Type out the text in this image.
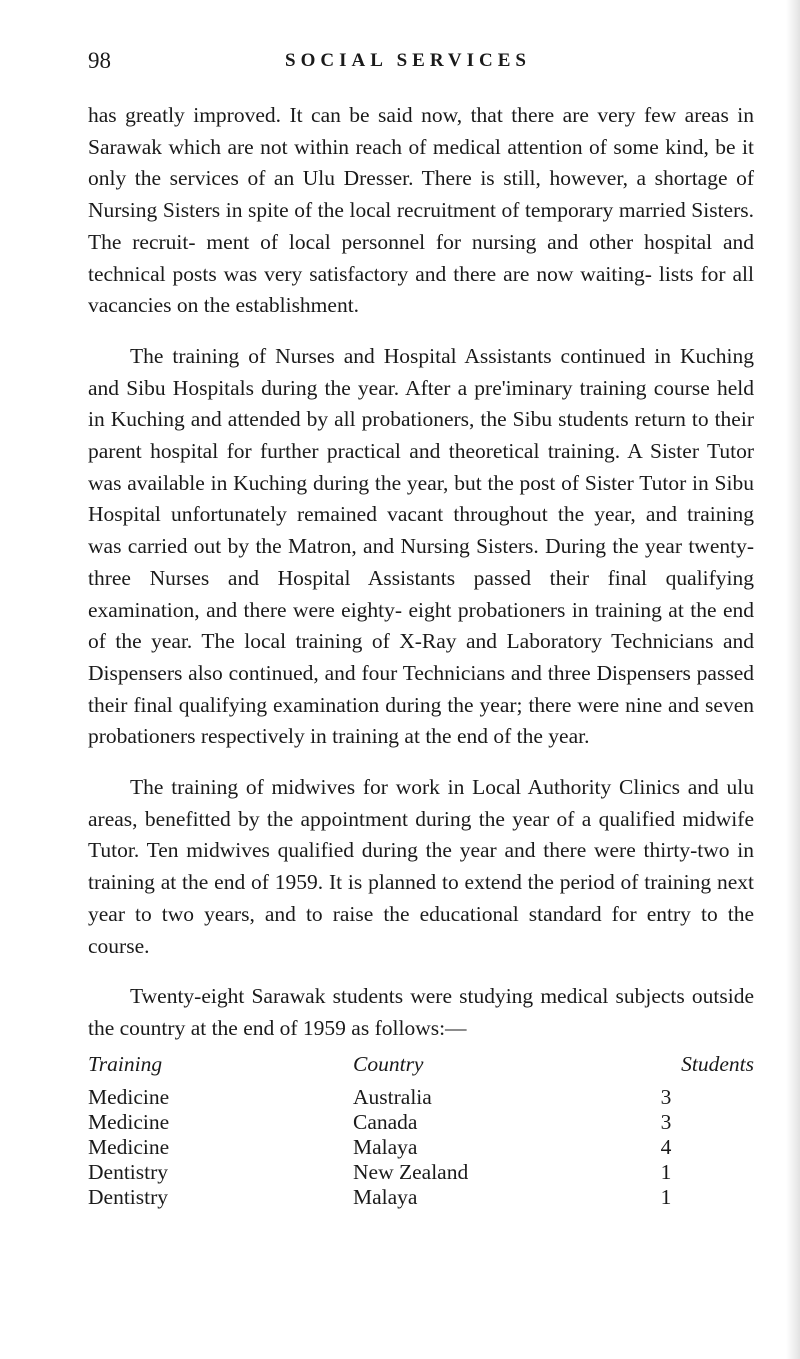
98	SOCIAL SERVICES

has greatly improved. It can be said now, that there are very few areas in Sarawak which are not within reach of medical attention of some kind, be it only the services of an Ulu Dresser. There is still, however, a shortage of Nursing Sisters in spite of the local recruitment of temporary married Sisters. The recruit- ment of local personnel for nursing and other hospital and technical posts was very satisfactory and there are now waiting- lists for all vacancies on the establishment.

The training of Nurses and Hospital Assistants continued in Kuching and Sibu Hospitals during the year. After a pre'iminary training course held in Kuching and attended by all probationers, the Sibu students return to their parent hospital for further practical and theoretical training. A Sister Tutor was available in Kuching during the year, but the post of Sister Tutor in Sibu Hospital unfortunately remained vacant throughout the year, and training was carried out by the Matron, and Nursing Sisters. During the year twenty-three Nurses and Hospital Assistants passed their final qualifying examination, and there were eighty- eight probationers in training at the end of the year. The local training of X-Ray and Laboratory Technicians and Dispensers also continued, and four Technicians and three Dispensers passed their final qualifying examination during the year; there were nine and seven probationers respectively in training at the end of the year.

The training of midwives for work in Local Authority Clinics and ulu areas, benefitted by the appointment during the year of a qualified midwife Tutor. Ten midwives qualified during the year and there were thirty-two in training at the end of 1959. It is planned to extend the period of training next year to two years, and to raise the educational standard for entry to the course.

Twenty-eight Sarawak students were studying medical subjects outside the country at the end of 1959 as follows:—

Training	Country	Students
Medicine	Australia	3
Medicine	Canada	3
Medicine	Malaya	4
Dentistry	New Zealand	1
Dentistry	Malaya	1
